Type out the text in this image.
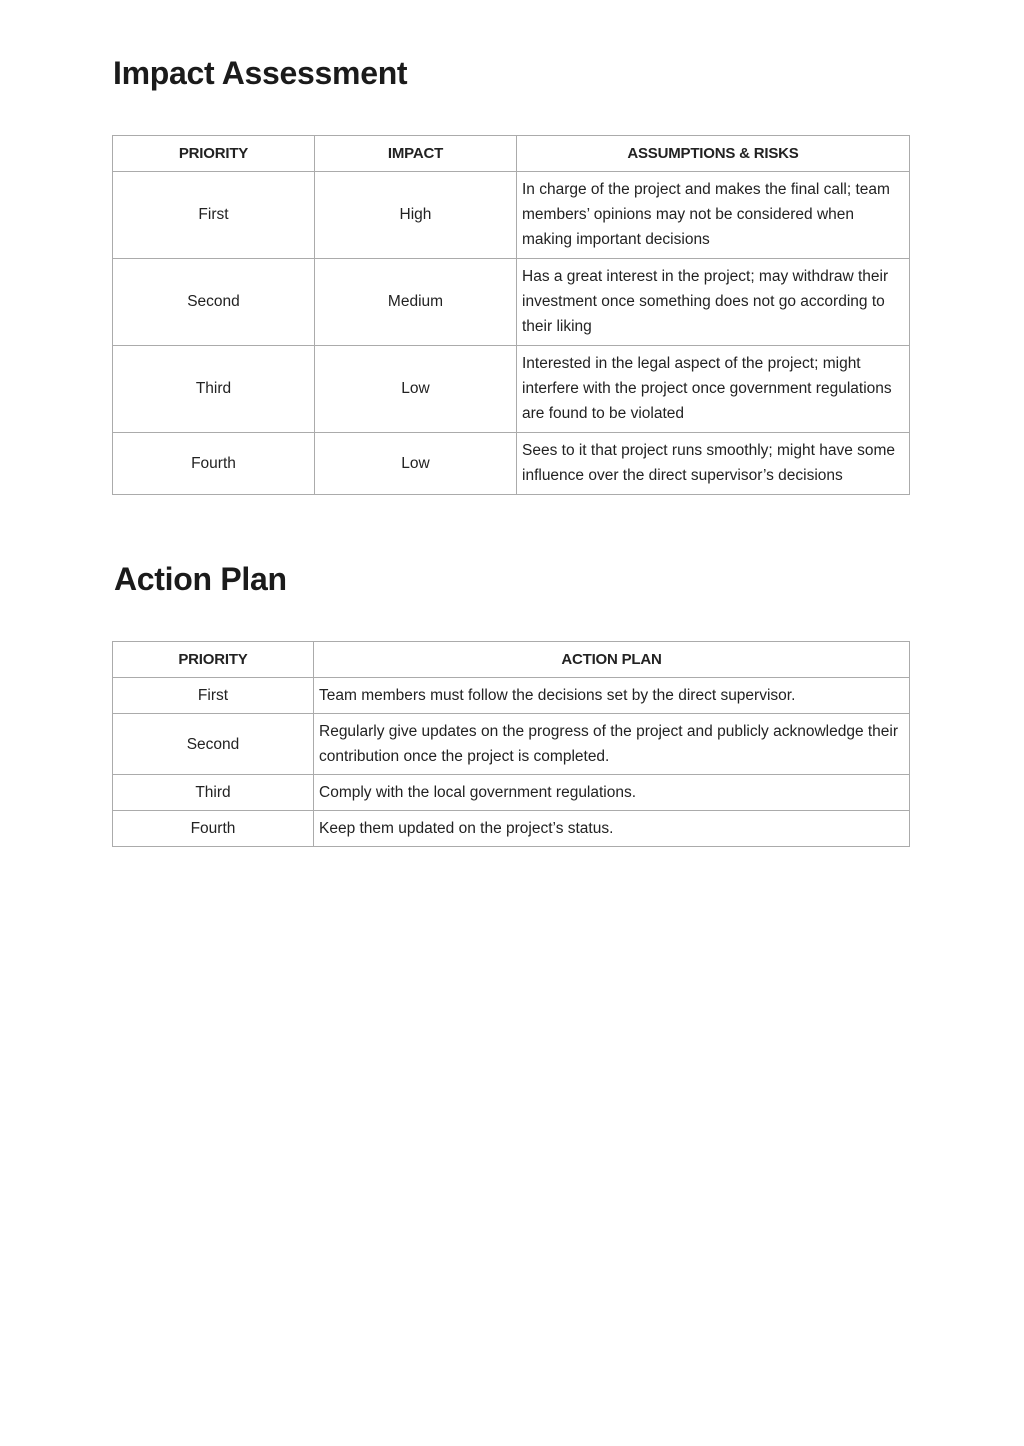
Impact Assessment
PRIORITY	IMPACT	ASSUMPTIONS & RISKS
First	High	In charge of the project and makes the final call; team members’ opinions may not be considered when making important decisions
Second	Medium	Has a great interest in the project; may withdraw their investment once something does not go according to their liking
Third	Low	Interested in the legal aspect of the project; might interfere with the project once government regulations are found to be violated
Fourth	Low	Sees to it that project runs smoothly; might have some influence over the direct supervisor’s decisions
Action Plan
PRIORITY	ACTION PLAN
First	Team members must follow the decisions set by the direct supervisor.
Second	Regularly give updates on the progress of the project and publicly acknowledge their contribution once the project is completed.
Third	Comply with the local government regulations.
Fourth	Keep them updated on the project’s status.
